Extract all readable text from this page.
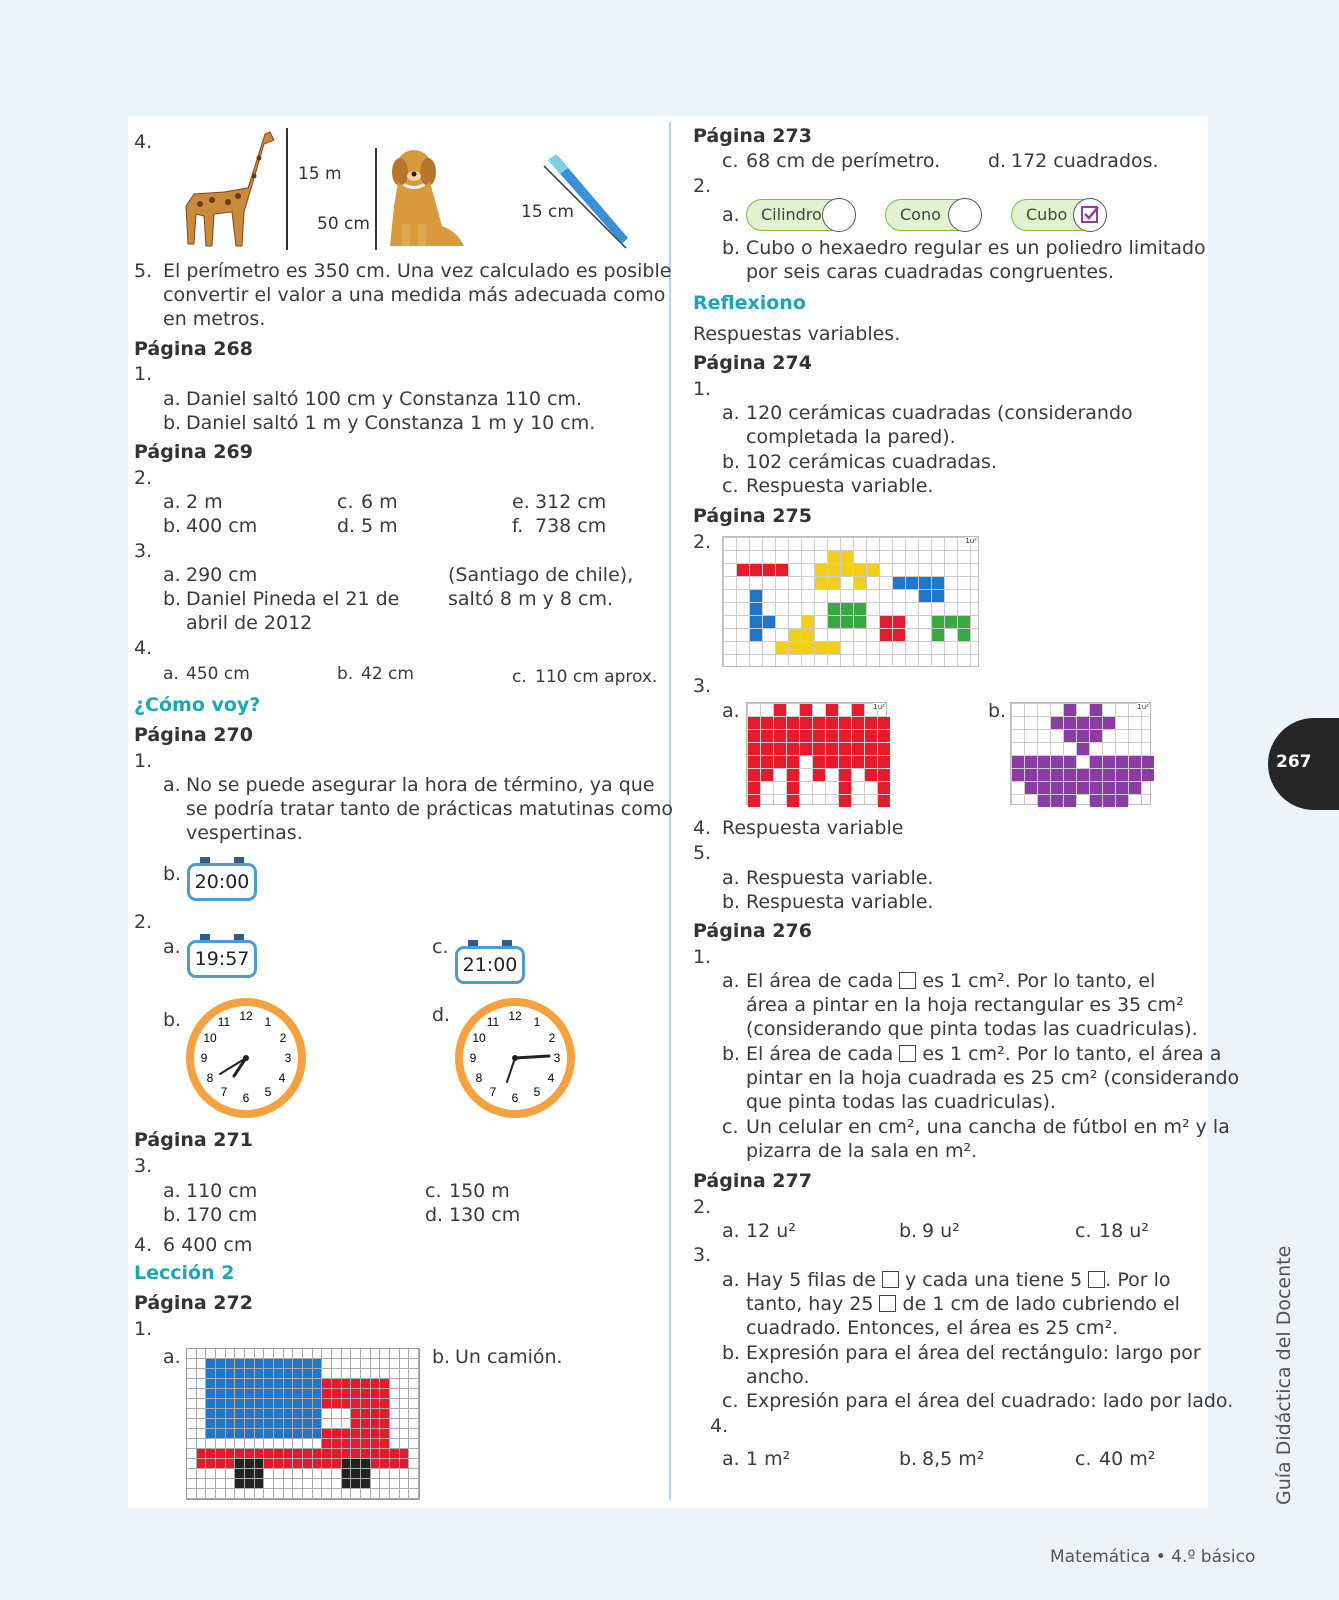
4.
15 m
50 cm
15 cm
5. El perímetro es 350 cm. Una vez calculado es posible
convertir el valor a una medida más adecuada como
en metros.
Página 268
1.
a. Daniel saltó 100 cm y Constanza 110 cm.
b. Daniel saltó 1 m y Constanza 1 m y 10 cm.
Página 269
2.
a. 2 m	c. 6 m	e. 312 cm
b. 400 cm	d. 5 m	f. 738 cm
3.
a. 290 cm	(Santiago de chile),
b. Daniel Pineda el 21 de	saltó 8 m y 8 cm.
abril de 2012
4.
a. 450 cm	b. 42 cm	c. 110 cm aprox.
¿Cómo voy?
Página 270
1.
a. No se puede asegurar la hora de término, ya que
se podría tratar tanto de prácticas matutinas como
vespertinas.
b. 20:00
2.
a.
19:57
c.
21:00
b.	d.
12 1
2
3
4
5
6
7
8
9
10
11	12 1
2
3
4
5
6
7
8
9
10
11
Página 271
3.
a. 110 cm	c. 150 m
b. 170 cm	d. 130 cm
4. 6 400 cm
Lección 2
Página 272
1.
a.	b. Un camión.
Página 273
c. 68 cm de perímetro.	d. 172 cuadrados.
2.
a.	Cilindro	Cono	Cubo
b. Cubo o hexaedro regular es un poliedro limitado
por seis caras cuadradas congruentes.
Reflexiono
Respuestas variables.
Página 274
1.
a. 120 cerámicas cuadradas (considerando
completada la pared).
b. 102 cerámicas cuadradas.
c. Respuesta variable.
Página 275
2.	1u²
3.
a.	1u²	b.	1u²
4. Respuesta variable
5.
a. Respuesta variable.
b. Respuesta variable.
Página 276
1.
a. El área de cada es 1 cm². Por lo tanto, el
área a pintar en la hoja rectangular es 35 cm²
(considerando que pinta todas las cuadriculas).
b. El área de cada es 1 cm². Por lo tanto, el área a
pintar en la hoja cuadrada es 25 cm² (considerando
que pinta todas las cuadriculas).
c. Un celular en cm², una cancha de fútbol en m² y la
pizarra de la sala en m².
Página 277
2.
a. 12 u²	b. 9 u²	c. 18 u²
3.
a. Hay 5 filas de y cada una tiene 5 . Por lo
tanto, hay 25 de 1 cm de lado cubriendo el
cuadrado. Entonces, el área es 25 cm².
b. Expresión para el área del rectángulo: largo por
ancho.
c. Expresión para el área del cuadrado: lado por lado.
4.
a. 1 m²	b. 8,5 m²	c. 40 m²
267
Guía Didáctica del Docente
Matemática • 4.º básico
